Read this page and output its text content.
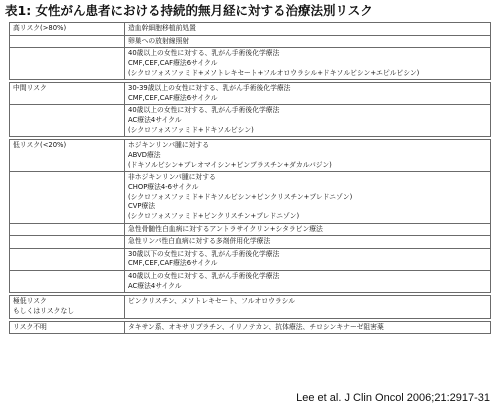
表1: 女性がん患者における持続的無月経に対する治療法別リスク
高リスク(>80%)	造血幹細胞移植前処置

	卵巣への放射線照射

	40歳以上の女性に対する、乳がん手術後化学療法
CMF,CEF,CAF療法6サイクル
(シクロフォスファミド+メソトレキセート+フルオロウラシル+ドキソルビシン+エピルビシン)

中間リスク	30-39歳以上の女性に対する、乳がん手術後化学療法
CMF,CEF,CAF療法6サイクル

	40歳以上の女性に対する、乳がん手術後化学療法
AC療法4サイクル
(シクロフォスファミド+ドキソルビシン)

低リスク(<20%)	ホジキンリンパ腫に対する
ABVD療法
(ドキソルビシン+ブレオマイシン+ビンブラスチン+ダカルバジン)

	非ホジキンリンパ腫に対する
CHOP療法4-6サイクル
(シクロフォスファミド+ドキソルビシン+ビンクリスチン+プレドニゾン)
CVP療法
(シクロフォスファミド+ビンクリスチン+プレドニゾン)

	急性骨髄性白血病に対するアントラサイクリン+シタラビン療法

	急性リンパ性白血病に対する多剤併用化学療法

	30歳以下の女性に対する、乳がん手術後化学療法
CMF,CEF,CAF療法6サイクル

	40歳以上の女性に対する、乳がん手術後化学療法
AC療法4サイクル

極低リスク
もしくはリスクなし	ビンクリスチン、メソトレキセート、フルオロウラシル

リスク不明	タキサン系、オキサリプラチン、イリノテカン、抗体療法、チロシンキナーゼ阻害薬
Lee et al. J Clin Oncol 2006;21:2917-31
